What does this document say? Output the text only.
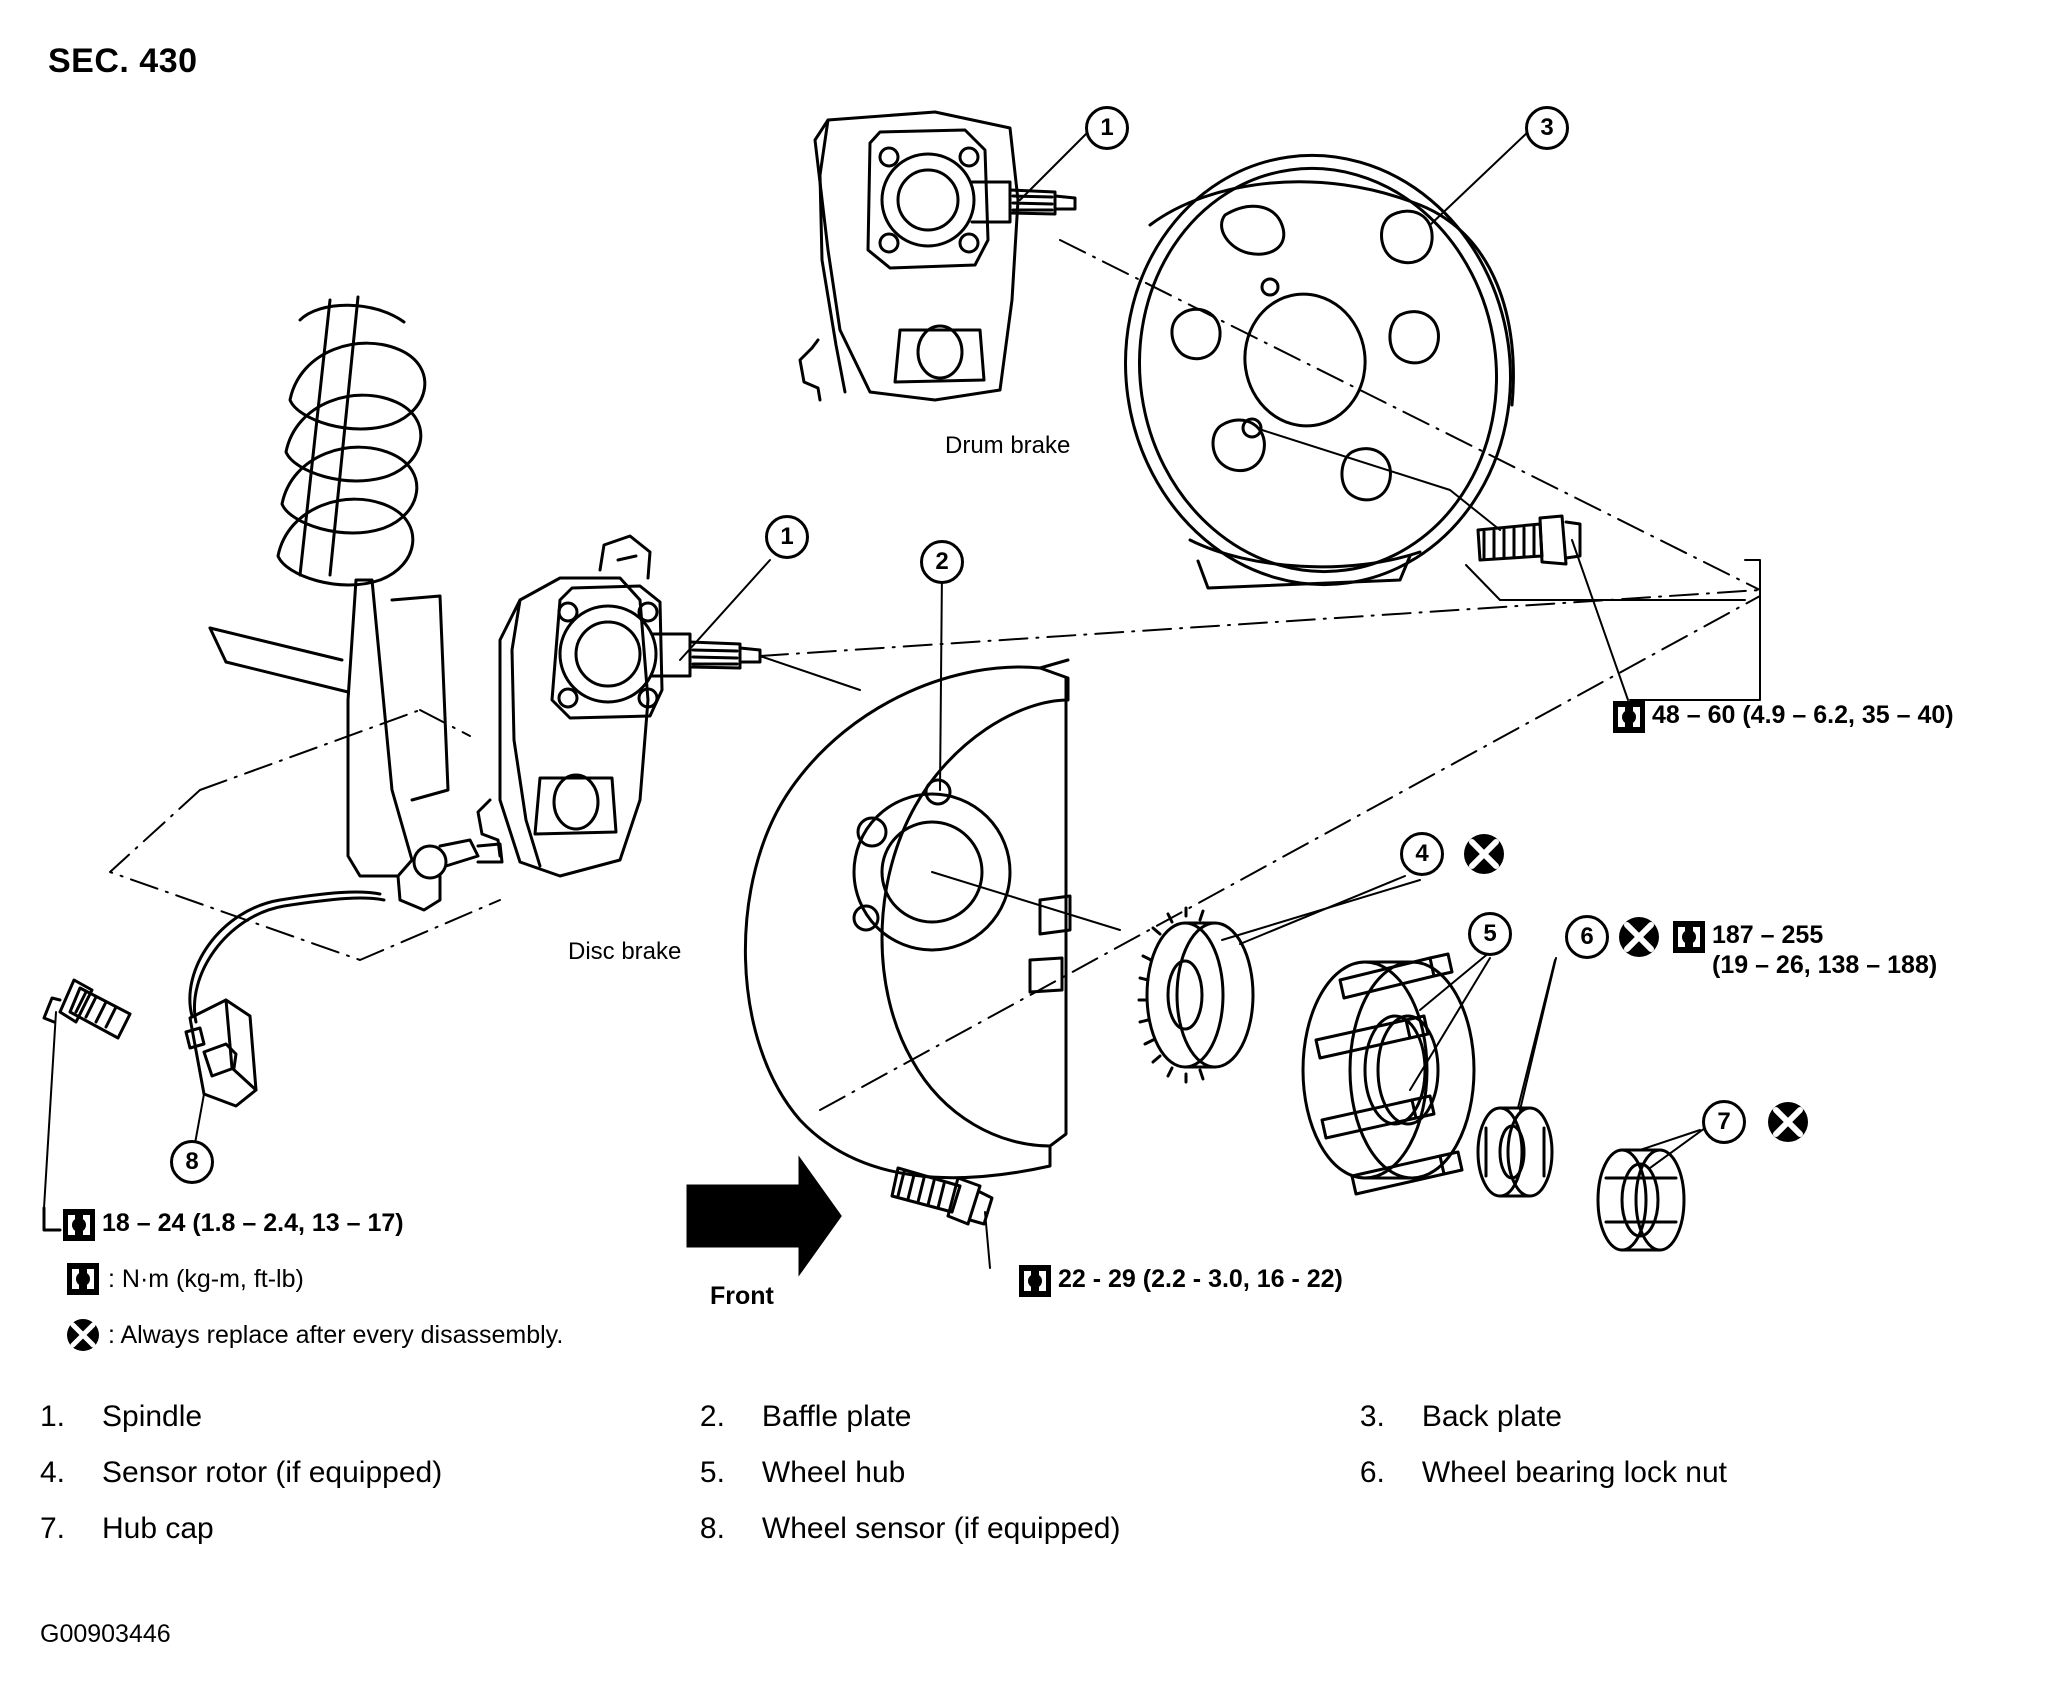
SEC. 430
1	3
1
2
4
5	6
7
8
Drum brake
Disc brake
Front
48 – 60 (4.9 – 6.2, 35 – 40)
187 – 255
(19 – 26, 138 – 188)
18 – 24 (1.8 – 2.4, 13 – 17)
22 - 29 (2.2 - 3.0, 16 - 22)
: N·m (kg-m, ft-lb)
: Always replace after every disassembly.
1.	Spindle	2.	Baffle plate	3.	Back plate
4.	Sensor rotor (if equipped)	5.	Wheel hub	6.	Wheel bearing lock nut
7.	Hub cap	8.	Wheel sensor (if equipped)
G00903446
